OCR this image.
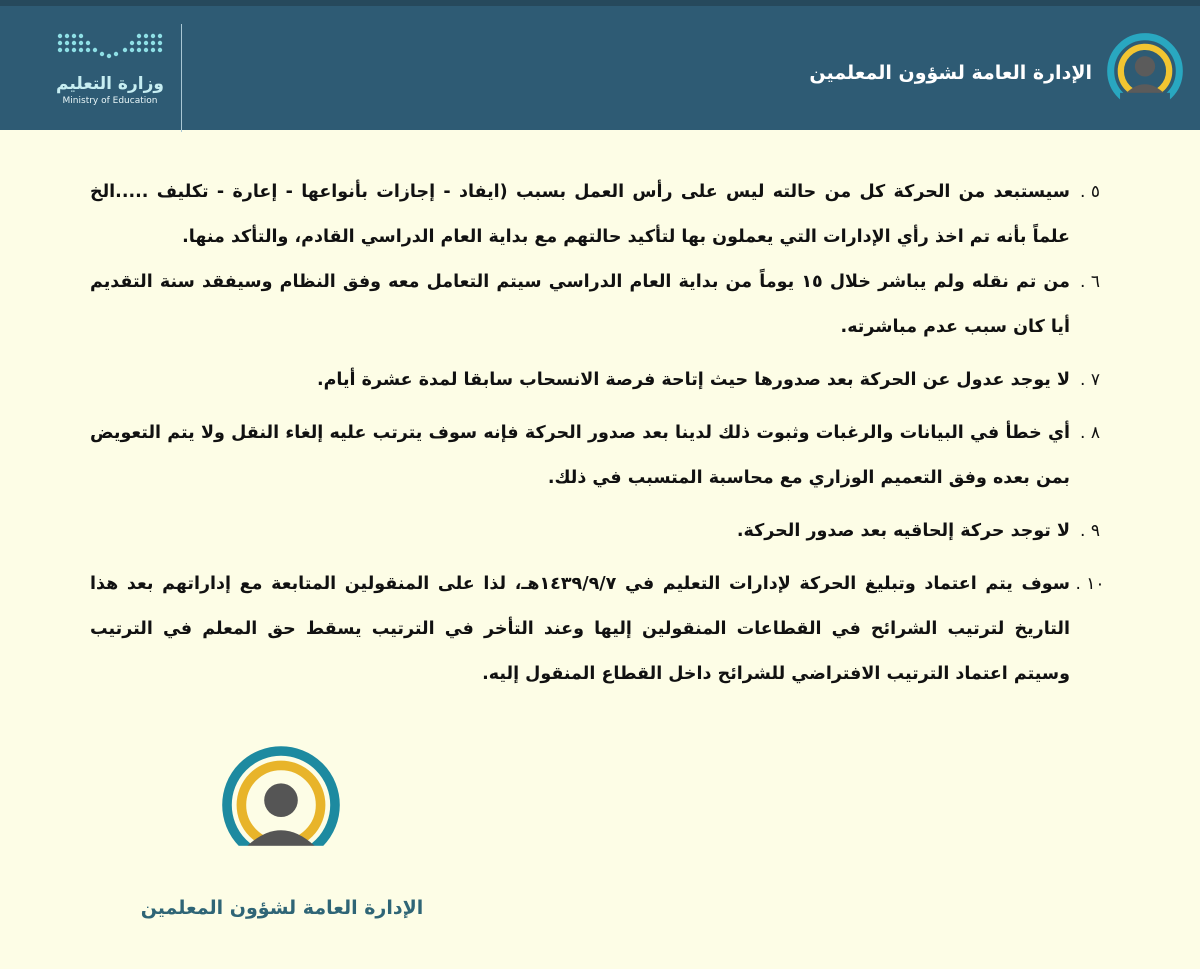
وزارة التعليم
Ministry of Education
الإدارة العامة لشؤون المعلمين
٥ .
سيستبعد من الحركة كل من حالته ليس على رأس العمل بسبب (ايفاد - إجازات بأنواعها - إعارة - تكليف .....الخ علماً بأنه تم اخذ رأي الإدارات التي يعملون بها لتأكيد حالتهم مع بداية العام الدراسي القادم، والتأكد منها.
٦ .
من تم نقله ولم يباشر خلال ١٥ يوماً من بداية العام الدراسي سيتم التعامل معه وفق النظام وسيفقد سنة التقديم أيا كان سبب عدم مباشرته.
٧ .
لا يوجد عدول عن الحركة بعد صدورها حيث إتاحة فرصة الانسحاب سابقا لمدة عشرة أيام.
٨ .
أي خطأ في البيانات والرغبات وثبوت ذلك لدينا بعد صدور الحركة فإنه سوف يترتب عليه إلغاء النقل ولا يتم التعويض بمن بعده وفق التعميم الوزاري مع محاسبة المتسبب في ذلك.
٩ .
لا توجد حركة إلحاقيه بعد صدور الحركة.
١٠ .
سوف يتم اعتماد وتبليغ الحركة لإدارات التعليم في ١٤٣٩/٩/٧هـ، لذا على المنقولين المتابعة مع إداراتهم بعد هذا التاريخ لترتيب الشرائح في القطاعات المنقولين إليها وعند التأخر في الترتيب يسقط حق المعلم في الترتيب وسيتم اعتماد الترتيب الافتراضي للشرائح داخل القطاع المنقول إليه.
الإدارة العامة لشؤون المعلمين
